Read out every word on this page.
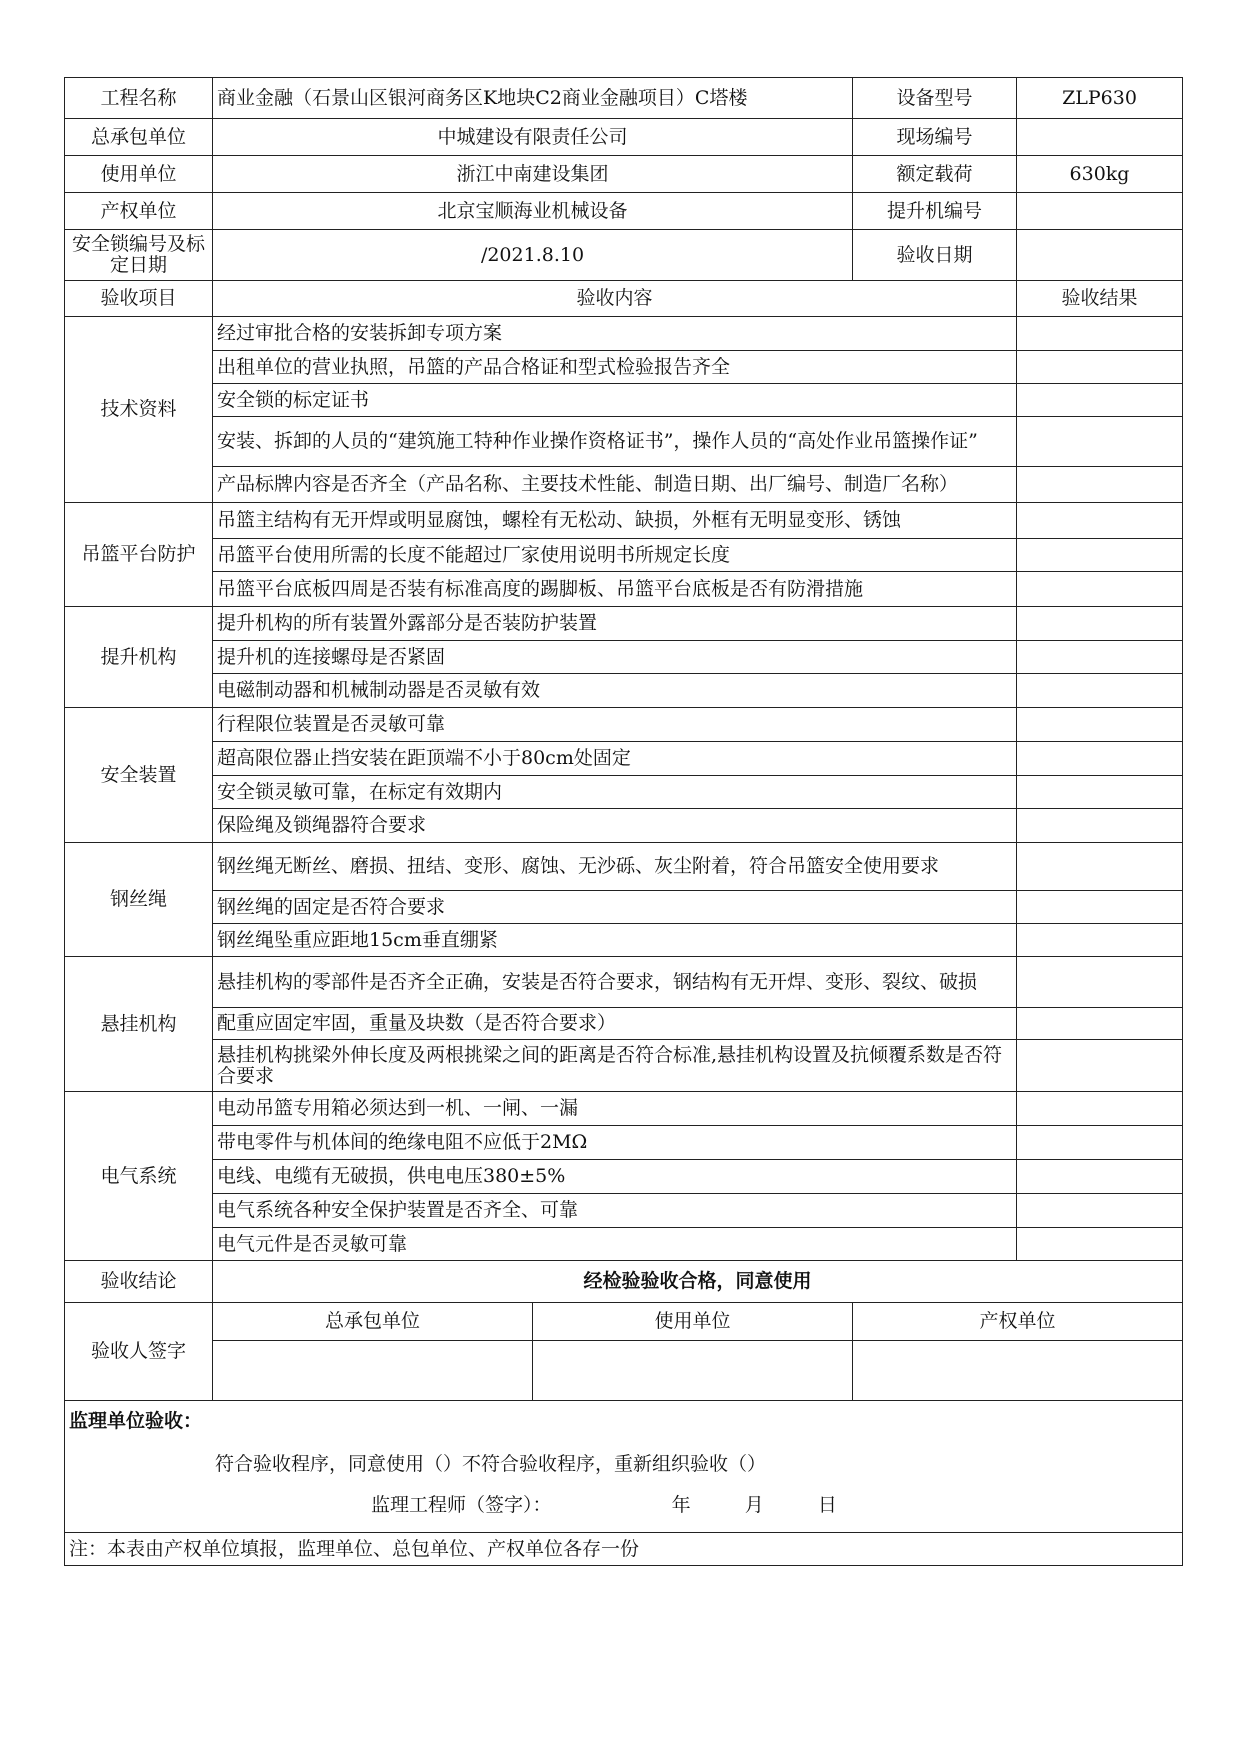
工程名称	商业金融（石景山区银河商务区K地块C2商业金融项目）C塔楼		设备型号	ZLP630
总承包单位	中城建设有限责任公司		现场编号	
使用单位	浙江中南建设集团		额定载荷	630kg
产权单位	北京宝顺海业机械设备		提升机编号	
安全锁编号及标定日期	/2021.8.10		验收日期	
验收项目	验收内容			验收结果
技术资料	经过审批合格的安装拆卸专项方案			
	出租单位的营业执照，吊篮的产品合格证和型式检验报告齐全			
	安全锁的标定证书			
	安装、拆卸的人员的“建筑施工特种作业操作资格证书”，操作人员的“高处作业吊篮操作证”			
	产品标牌内容是否齐全（产品名称、主要技术性能、制造日期、出厂编号、制造厂名称）			
吊篮平台防护	吊篮主结构有无开焊或明显腐蚀，螺栓有无松动、缺损，外框有无明显变形、锈蚀			
	吊篮平台使用所需的长度不能超过厂家使用说明书所规定长度			
	吊篮平台底板四周是否装有标准高度的踢脚板、吊篮平台底板是否有防滑措施			
提升机构	提升机构的所有装置外露部分是否装防护装置			
	提升机的连接螺母是否紧固			
	电磁制动器和机械制动器是否灵敏有效			
安全装置	行程限位装置是否灵敏可靠			
	超高限位器止挡安装在距顶端不小于80cm处固定			
	安全锁灵敏可靠，在标定有效期内			
	保险绳及锁绳器符合要求			
钢丝绳	钢丝绳无断丝、磨损、扭结、变形、腐蚀、无沙砾、灰尘附着，符合吊篮安全使用要求			
	钢丝绳的固定是否符合要求			
	钢丝绳坠重应距地15cm垂直绷紧			
悬挂机构	悬挂机构的零部件是否齐全正确，安装是否符合要求，钢结构有无开焊、变形、裂纹、破损			
	配重应固定牢固，重量及块数（是否符合要求）			
	悬挂机构挑梁外伸长度及两根挑梁之间的距离是否符合标准,悬挂机构设置及抗倾覆系数是否符合要求			
电气系统	电动吊篮专用箱必须达到一机、一闸、一漏			
	带电零件与机体间的绝缘电阻不应低于2MΩ			
	电线、电缆有无破损，供电电压380±5%			
	电气系统各种安全保护装置是否齐全、可靠			
	电气元件是否灵敏可靠			
验收结论	经检验验收合格，同意使用			
验收人签字	总承包单位	使用单位	产权单位	

监理单位验收：
符合验收程序，同意使用（）不符合验收程序，重新组织验收（）
监理工程师（签字）： 年 月 日				

注：本表由产权单位填报，监理单位、总包单位、产权单位各存一份				
